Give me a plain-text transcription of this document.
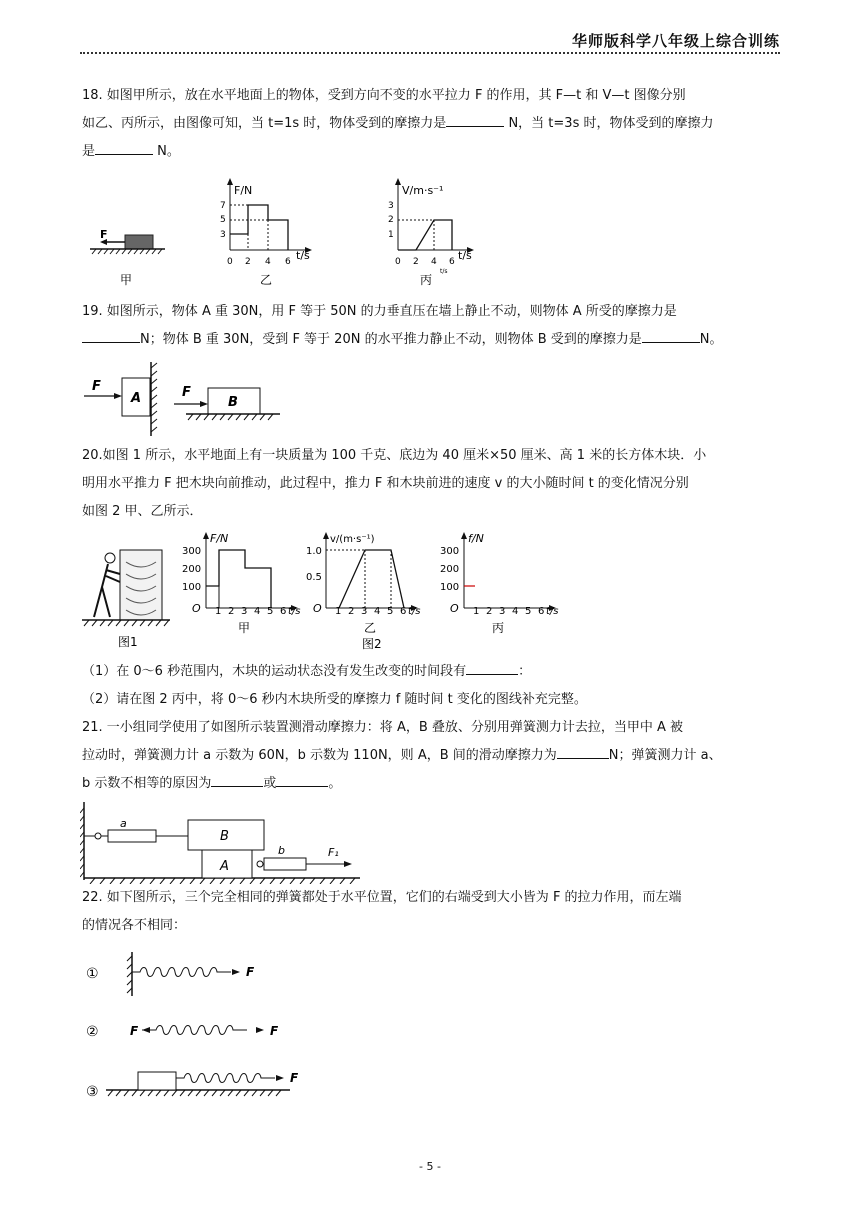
华师版科学八年级上综合训练
18. 如图甲所示，放在水平地面上的物体，受到方向不变的水平拉力 F 的作用，其 F—t 和 V—t 图像分别
如乙、丙所示，由图像可知，当 t=1s 时，物体受到的摩擦力是	N，当 t=3s 时，物体受到的摩擦力
是	N。
F
甲
F/N
t/s
7
5
3
0 2 4 6
乙
V/m·s⁻¹
t/s
3
2
1
0 2 4 6
t/s
丙
19. 如图所示，物体 A 重 30N，用 F 等于 50N 的力垂直压在墙上静止不动，则物体 A 所受的摩擦力是
N；物体 B 重 30N，受到 F 等于 20N 的水平推力静止不动，则物体 B 受到的摩擦力是	N。
F
A	F
B
20.如图 1 所示，水平地面上有一块质量为 100 千克、底边为 40 厘米×50 厘米、高 1 米的长方体木块．小
明用水平推力 F 把木块向前推动，此过程中，推力 F 和木块前进的速度 v 的大小随时间 t 的变化情况分别
如图 2 甲、乙所示．
图1
F/N
300
200
100
O 1 2 3 4 5 6 t/s
甲
v/(m·s⁻¹)
1.0
0.5
O 1 2 3 4 5 6 t/s
乙
图2
f/N
300
200
100
O 1 2 3 4 5 6 t/s
丙
（1）在 0～6 秒范围内，木块的运动状态没有发生改变的时间段有	：
（2）请在图 2 丙中，将 0～6 秒内木块所受的摩擦力 f 随时间 t 变化的图线补充完整。
21. 一小组同学使用了如图所示装置测滑动摩擦力：将 A，B 叠放、分别用弹簧测力计去拉，当甲中 A 被
拉动时，弹簧测力计 a 示数为 60N，b 示数为 110N，则 A，B 间的滑动摩擦力为	N；弹簧测力计 a、
b 示数不相等的原因为	或	。
a
B
A
b	F₁
22. 如下图所示，三个完全相同的弹簧都处于水平位置，它们的右端受到大小皆为 F 的拉力作用，而左端
的情况各不相同：
①	F
②	F	F
③
F
- 5 -
